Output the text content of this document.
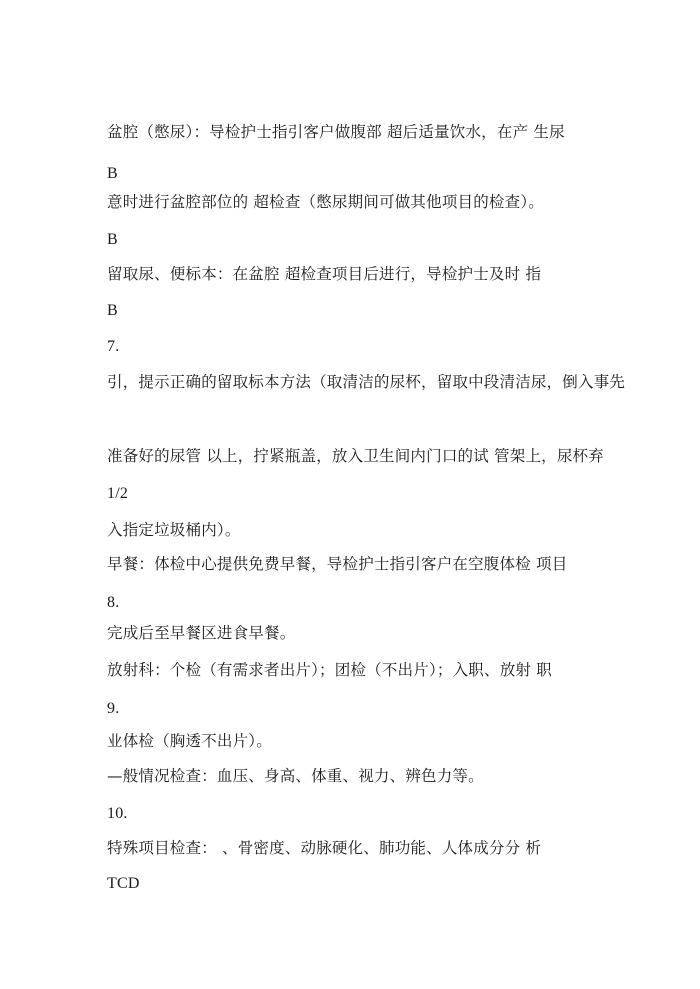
盆腔（憋尿）：导检护士指引客户做腹部 超后适量饮水，在产 生尿
B
意时进行盆腔部位的 超检查（憋尿期间可做其他项目的检查）。
B
留取尿、便标本：在盆腔 超检查项目后进行，导检护士及时 指
B
7.
引，提示正确的留取标本方法（取清洁的尿杯，留取中段清洁尿，倒入事先
准备好的尿管 以上，拧紧瓶盖，放入卫生间内门口的试 管架上，尿杯弃
1/2
入指定垃圾桶内）。
早餐：体检中心提供免费早餐，导检护士指引客户在空腹体检 项目
8.
完成后至早餐区进食早餐。
放射科：个检（有需求者出片）；团检（不出片）；入职、放射 职
9.
业体检（胸透不出片）。
—般情况检查：血压、身高、体重、视力、辨色力等。
10.
特殊项目检查： 、骨密度、动脉硬化、肺功能、人体成分分 析
TCD
